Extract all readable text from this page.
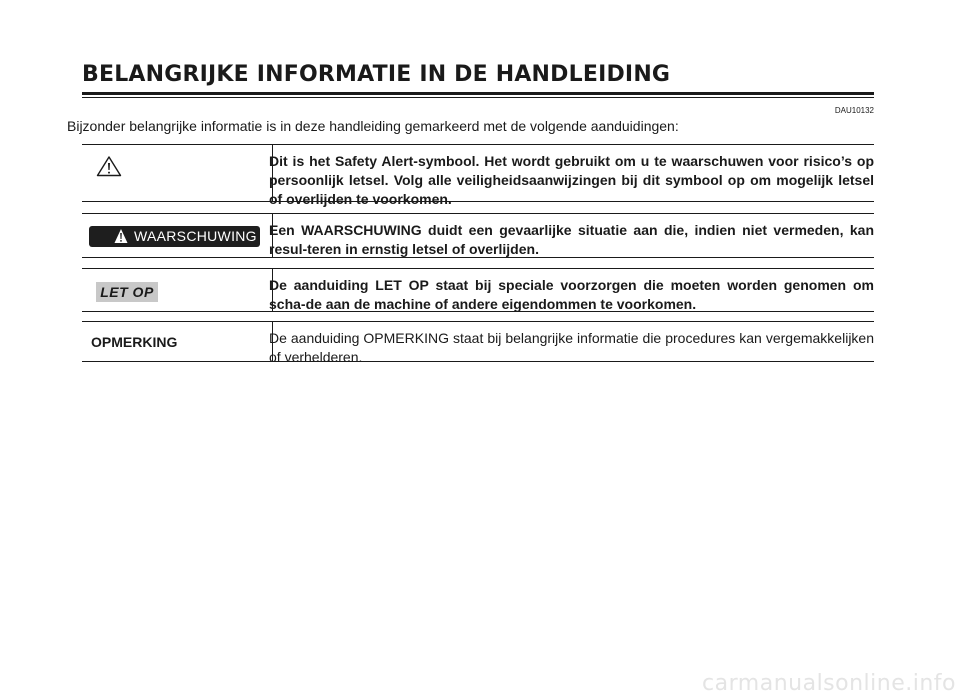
BELANGRIJKE INFORMATIE IN DE HANDLEIDING
DAU10132
Bijzonder belangrijke informatie is in deze handleiding gemarkeerd met de volgende aanduidingen:
Dit is het Safety Alert-symbool. Het wordt gebruikt om u te waarschuwen voor risico’s op persoonlijk letsel. Volg alle veiligheidsaanwijzingen bij dit symbool op om mogelijk letsel of overlijden te voorkomen.
WAARSCHUWING Een WAARSCHUWING duidt een gevaarlijke situatie aan die, indien niet vermeden, kan resul-teren in ernstig letsel of overlijden.
LET OP	De aanduiding LET OP staat bij speciale voorzorgen die moeten worden genomen om scha-de aan de machine of andere eigendommen te voorkomen.
OPMERKING	De aanduiding OPMERKING staat bij belangrijke informatie die procedures kan vergemakkelijken of verhelderen.
carmanualsonline.info
